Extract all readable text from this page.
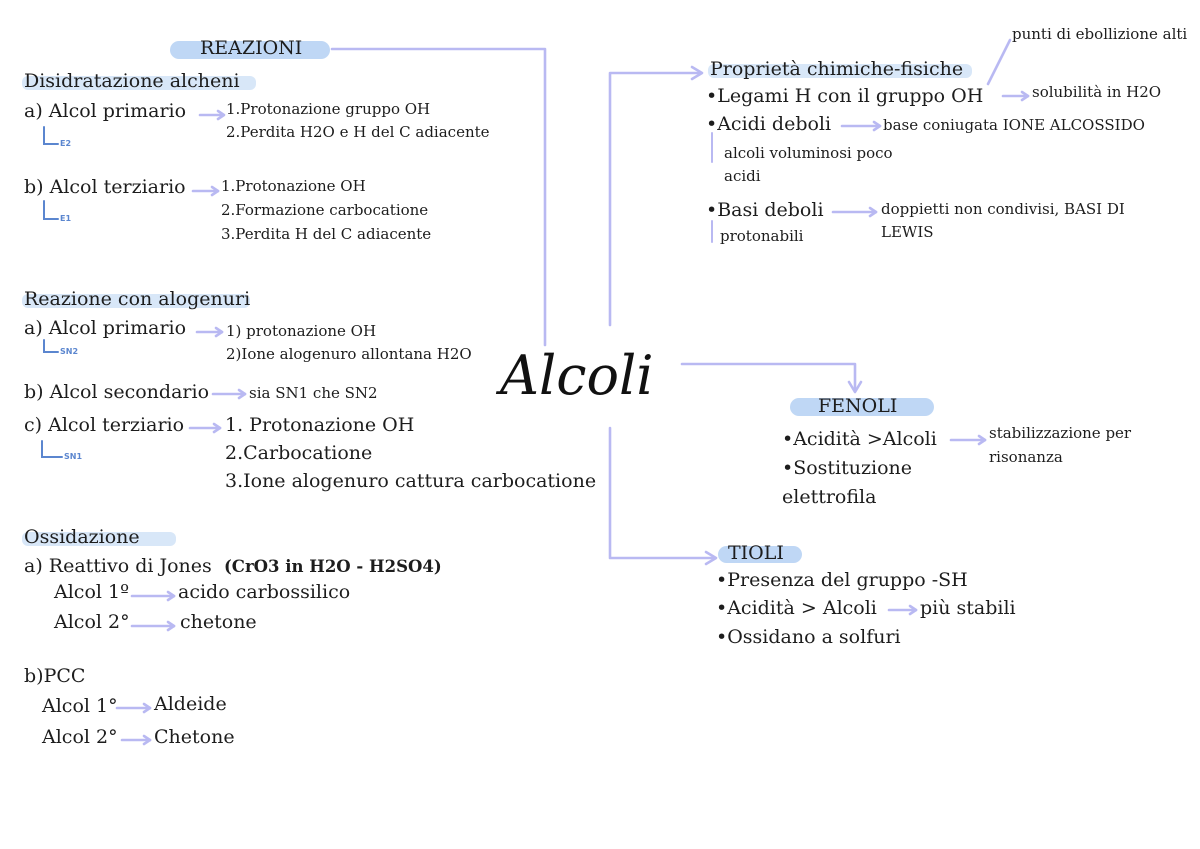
Alcoli
REAZIONI
Disidratazione alcheni
a) Alcol primario	1.Protonazione gruppo OH
2.Perdita H2O e H del C adiacente
E2
b) Alcol terziario 1.Protonazione OH
2.Formazione carbocatione
3.Perdita H del C adiacente
E1
Reazione con alogenuri
a) Alcol primario	1) protonazione OH
2)Ione alogenuro allontana H2O
SN2
b) Alcol secondario	sia SN1 che SN2
c) Alcol terziario 1. Protonazione OH
2.Carbocatione
3.Ione alogenuro cattura carbocatione
SN1
Ossidazione
a) Reattivo di Jones (CrO3 in H2O - H2SO4)
Alcol 1º	acido carbossilico
Alcol 2°	chetone
b)PCC
Alcol 1° Aldeide
Alcol 2° Chetone
Proprietà chimiche-fisiche
punti di ebollizione alti
•Legami H con il gruppo OH	solubilità in H2O
•Acidi deboli	base coniugata IONE ALCOSSIDO
alcoli voluminosi poco
acidi
•Basi deboli
protonabili
doppietti non condivisi, BASI DI
LEWIS
FENOLI
•Acidità >Alcoli	stabilizzazione per
risonanza
•Sostituzione
elettrofila
TIOLI
•Presenza del gruppo -SH
•Acidità > Alcoli più stabili
•Ossidano a solfuri
